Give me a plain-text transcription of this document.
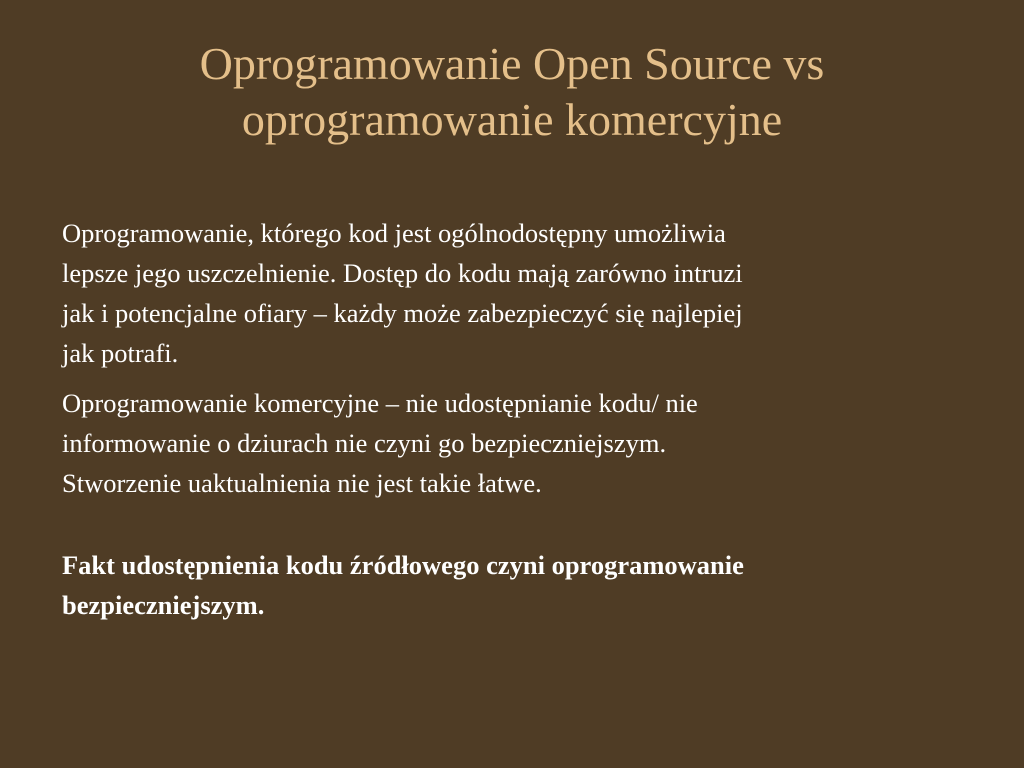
Oprogramowanie Open Source vs
oprogramowanie komercyjne

Oprogramowanie, którego kod jest ogólnodostępny umożliwia
lepsze jego uszczelnienie. Dostęp do kodu mają zarówno intruzi
jak i potencjalne ofiary – każdy może zabezpieczyć się najlepiej
jak potrafi.

Oprogramowanie komercyjne – nie udostępnianie kodu/ nie
informowanie o dziurach nie czyni go bezpieczniejszym.
Stworzenie uaktualnienia nie jest takie łatwe.

Fakt udostępnienia kodu źródłowego czyni oprogramowanie
bezpieczniejszym.
